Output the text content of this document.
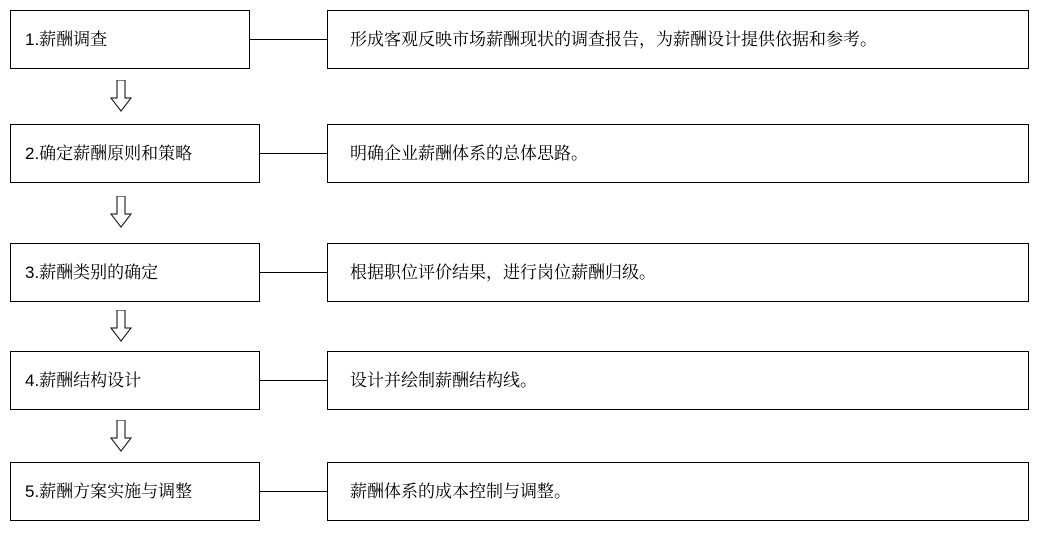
1.薪酬调查	形成客观反映市场薪酬现状的调查报告，为薪酬设计提供依据和参考。
2.确定薪酬原则和策略	明确企业薪酬体系的总体思路。
3.薪酬类别的确定	根据职位评价结果，进行岗位薪酬归级。
4.薪酬结构设计	设计并绘制薪酬结构线。
5.薪酬方案实施与调整	薪酬体系的成本控制与调整。
